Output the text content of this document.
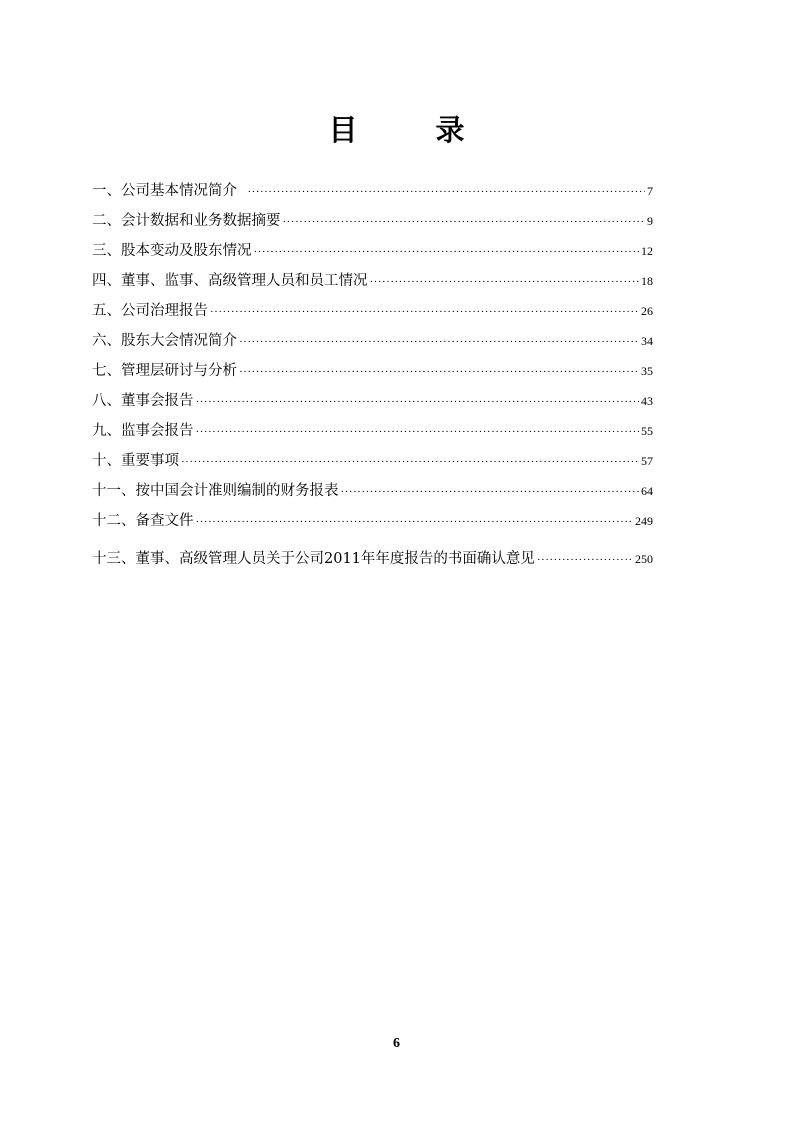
目 录
一、公司基本情况简介 ·····	7
二、会计数据和业务数据摘要 ·····	9
三、股本变动及股东情况 ·····	12
四、董事、监事、高级管理人员和员工情况 ·····	18
五、公司治理报告 ·····	26
六、股东大会情况简介 ·····	34
七、管理层研讨与分析 ·····	35
八、董事会报告 ·····	43
九、监事会报告 ·····	55
十、重要事项 ·····	57
十一、按中国会计准则编制的财务报表 ·····	64
十二、备查文件 ·····	249
十三、董事、高级管理人员关于公司2011年年度报告的书面确认意见 ·····	250
6
